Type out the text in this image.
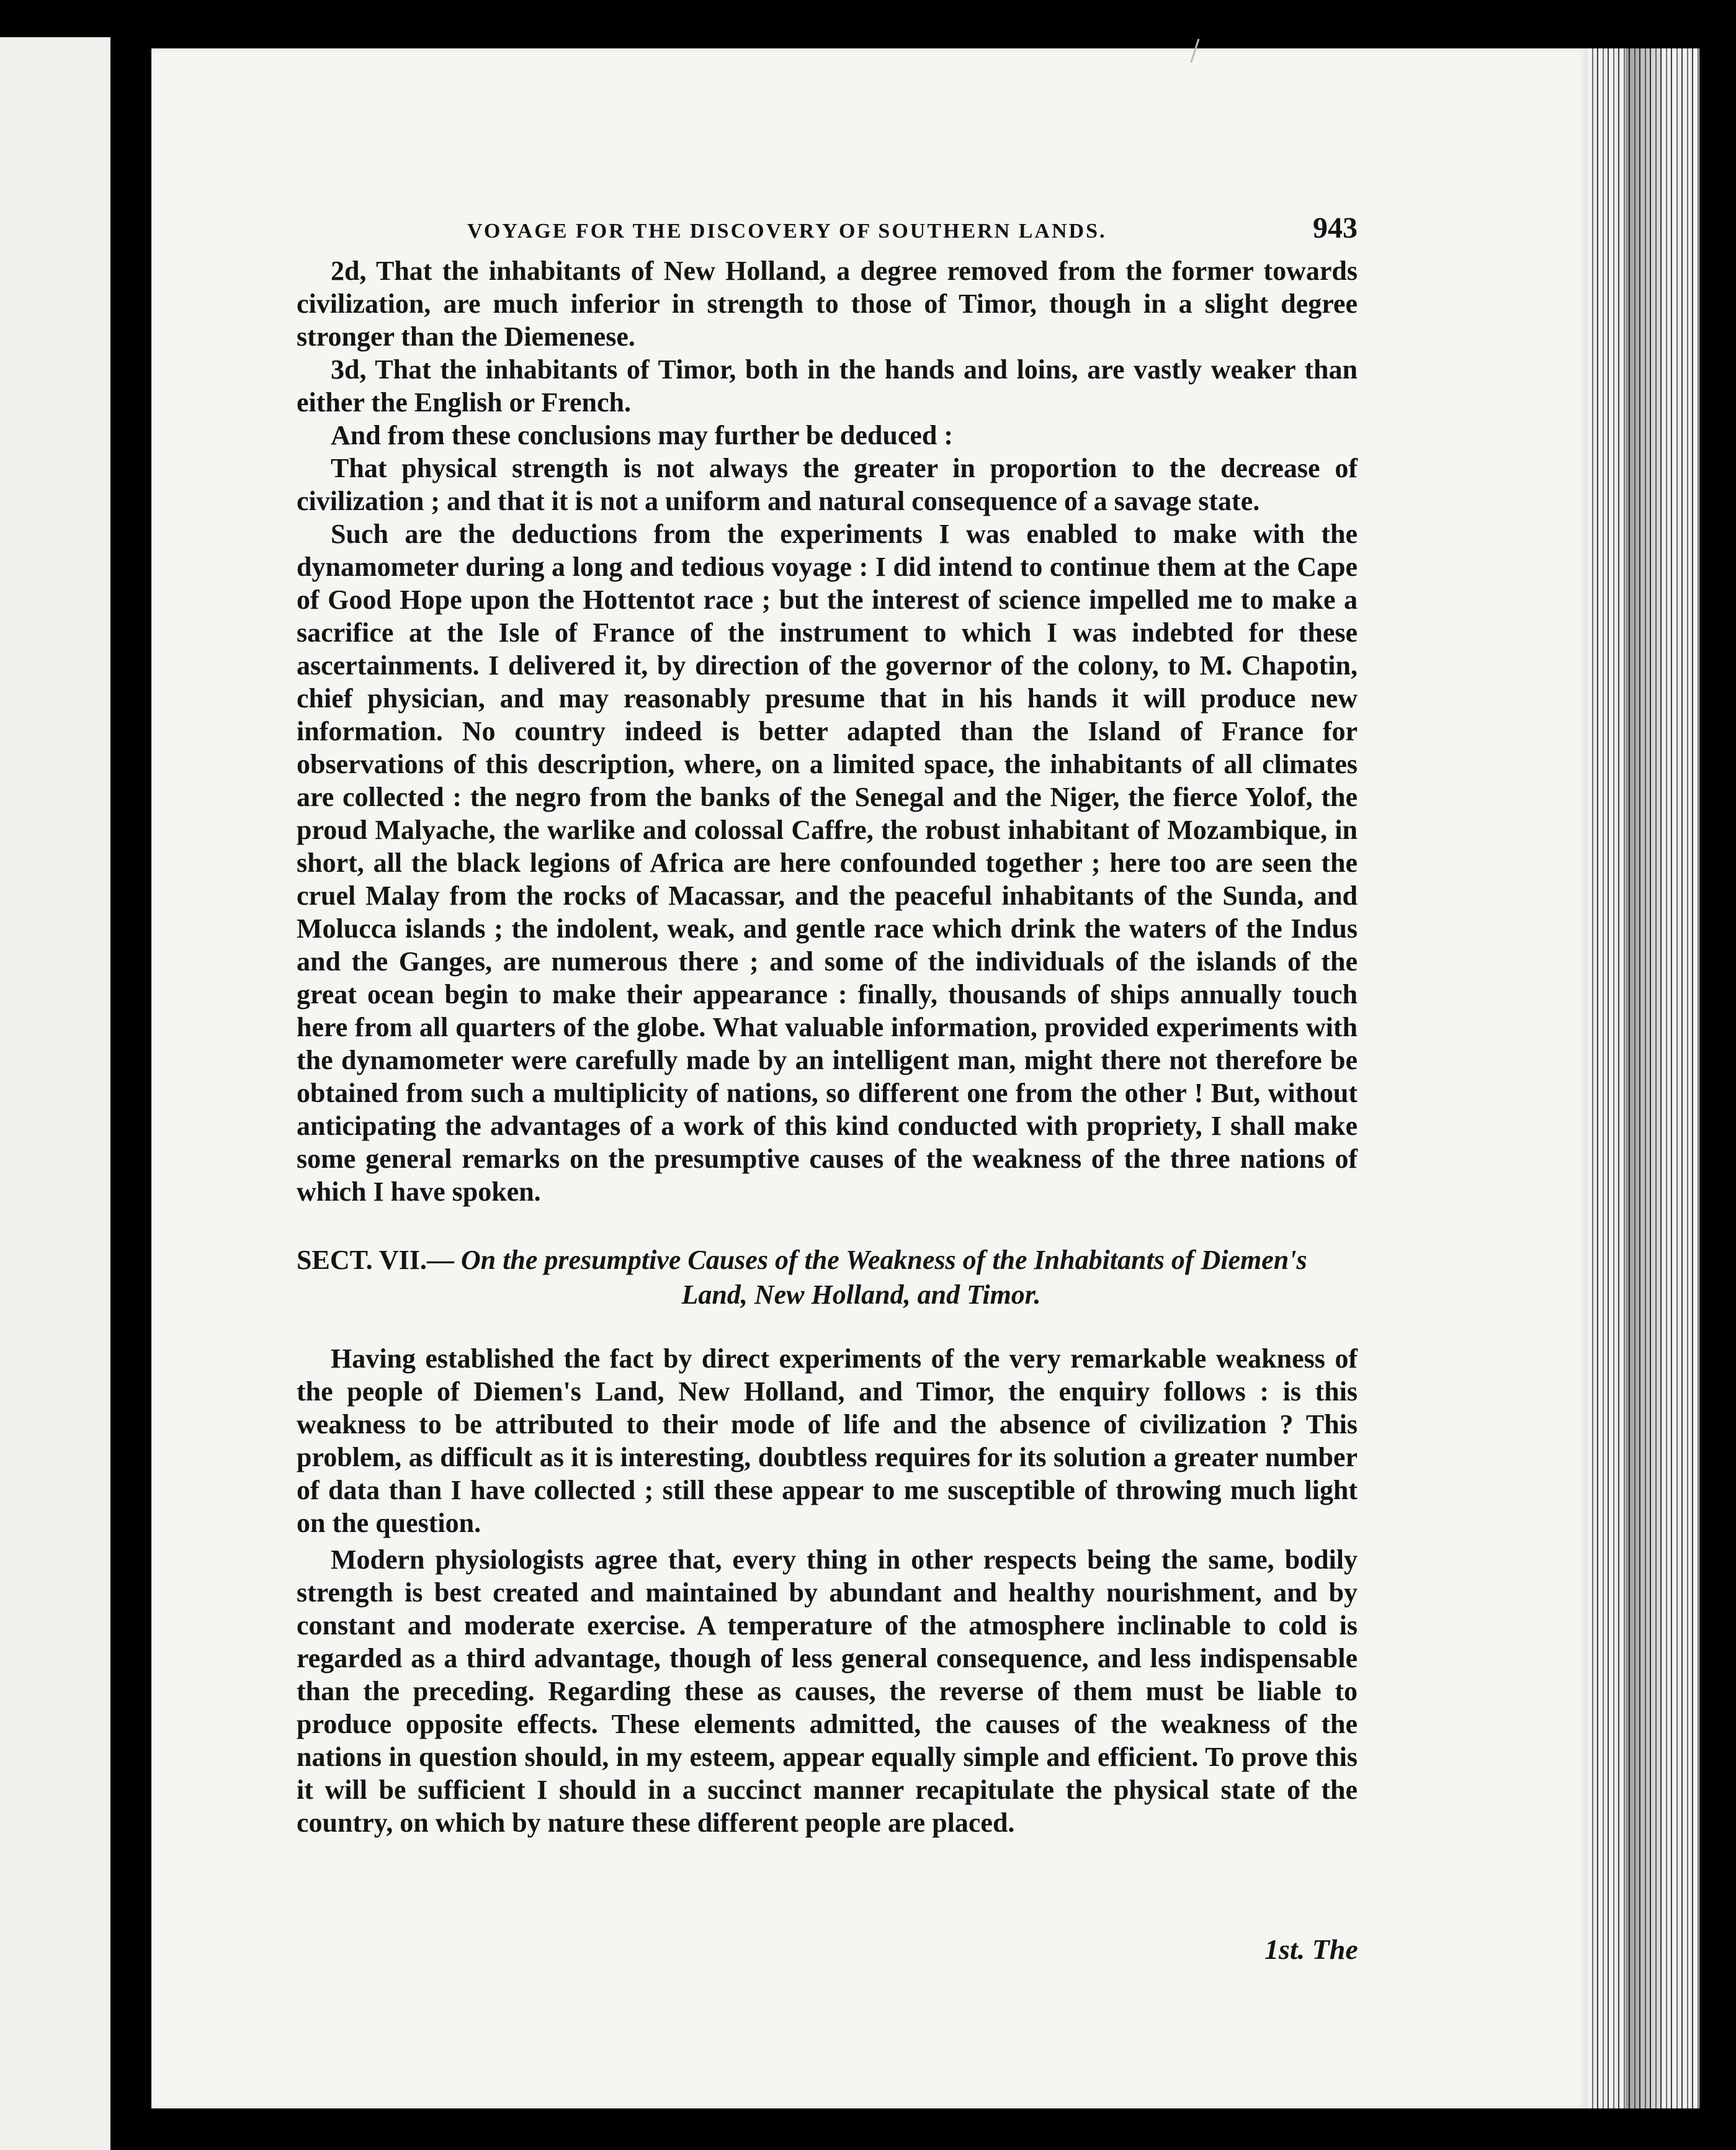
VOYAGE FOR THE DISCOVERY OF SOUTHERN LANDS.	943

2d, That the inhabitants of New Holland, a degree removed from the former towards civilization, are much inferior in strength to those of Timor, though in a slight degree stronger than the Diemenese.

3d, That the inhabitants of Timor, both in the hands and loins, are vastly weaker than either the English or French.

And from these conclusions may further be deduced :

That physical strength is not always the greater in proportion to the decrease of civilization ; and that it is not a uniform and natural consequence of a savage state.

Such are the deductions from the experiments I was enabled to make with the dynamometer during a long and tedious voyage : I did intend to continue them at the Cape of Good Hope upon the Hottentot race ; but the interest of science impelled me to make a sacrifice at the Isle of France of the instrument to which I was indebted for these ascertainments. I delivered it, by direction of the governor of the colony, to M. Chapotin, chief physician, and may reasonably presume that in his hands it will produce new information. No country indeed is better adapted than the Island of France for observations of this description, where, on a limited space, the inhabitants of all climates are collected : the negro from the banks of the Senegal and the Niger, the fierce Yolof, the proud Malyache, the warlike and colossal Caffre, the robust inhabitant of Mozambique, in short, all the black legions of Africa are here confounded together ; here too are seen the cruel Malay from the rocks of Macassar, and the peaceful inhabitants of the Sunda, and Molucca islands ; the indolent, weak, and gentle race which drink the waters of the Indus and the Ganges, are numerous there ; and some of the individuals of the islands of the great ocean begin to make their appearance : finally, thousands of ships annually touch here from all quarters of the globe. What valuable information, provided experiments with the dynamometer were carefully made by an intelligent man, might there not therefore be obtained from such a multiplicity of nations, so different one from the other ! But, without anticipating the advantages of a work of this kind conducted with propriety, I shall make some general remarks on the presumptive causes of the weakness of the three nations of which I have spoken.

SECT. VII.— On the presumptive Causes of the Weakness of the Inhabitants of Diemen's
Land, New Holland, and Timor.

Having established the fact by direct experiments of the very remarkable weakness of the people of Diemen's Land, New Holland, and Timor, the enquiry follows : is this weakness to be attributed to their mode of life and the absence of civilization ? This problem, as difficult as it is interesting, doubtless requires for its solution a greater number of data than I have collected ; still these appear to me susceptible of throwing much light on the question.

Modern physiologists agree that, every thing in other respects being the same, bodily strength is best created and maintained by abundant and healthy nourishment, and by constant and moderate exercise. A temperature of the atmosphere inclinable to cold is regarded as a third advantage, though of less general consequence, and less indispensable than the preceding. Regarding these as causes, the reverse of them must be liable to produce opposite effects. These elements admitted, the causes of the weakness of the nations in question should, in my esteem, appear equally simple and efficient. To prove this it will be sufficient I should in a succinct manner recapitulate the physical state of the country, on which by nature these different people are placed.

1st. The
